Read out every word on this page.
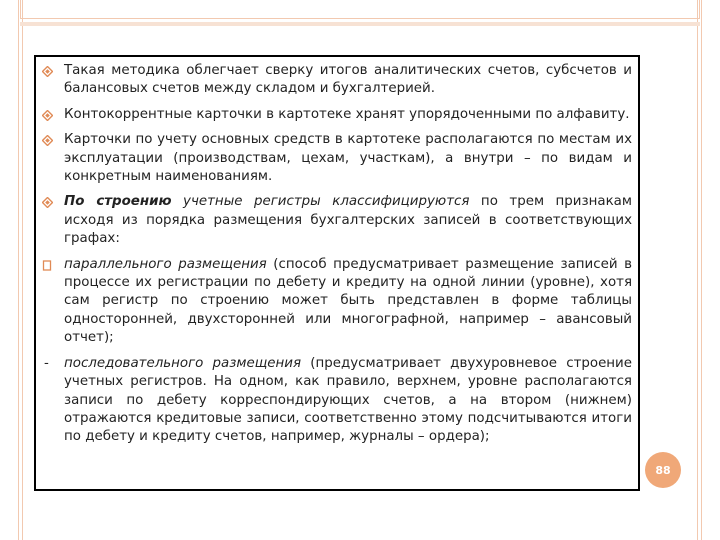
Такая методика облегчает сверку итогов аналитических счетов, субсчетов и балансовых счетов между складом и бухгалтерией.
Контокоррентные карточки в картотеке хранят упорядоченными по алфавиту.
Карточки по учету основных средств в картотеке располагаются по местам их эксплуатации (производствам, цехам, участкам), а внутри – по видам и конкретным наименованиям.
По строению учетные регистры классифицируются по трем признакам исходя из порядка размещения бухгалтерских записей в соответствующих графах:
параллельного размещения (способ предусматривает размещение записей в процессе их регистрации по дебету и кредиту на одной линии (уровне), хотя сам регистр по строению может быть представлен в форме таблицы односторонней, двухсторонней или многографной, например – авансовый отчет);
- последовательного размещения (предусматривает двухуровневое строение учетных регистров. На одном, как правило, верхнем, уровне располагаются записи по дебету корреспондирующих счетов, а на втором (нижнем) отражаются кредитовые записи, соответственно этому подсчитываются итоги по дебету и кредиту счетов, например, журналы – ордера);
88
